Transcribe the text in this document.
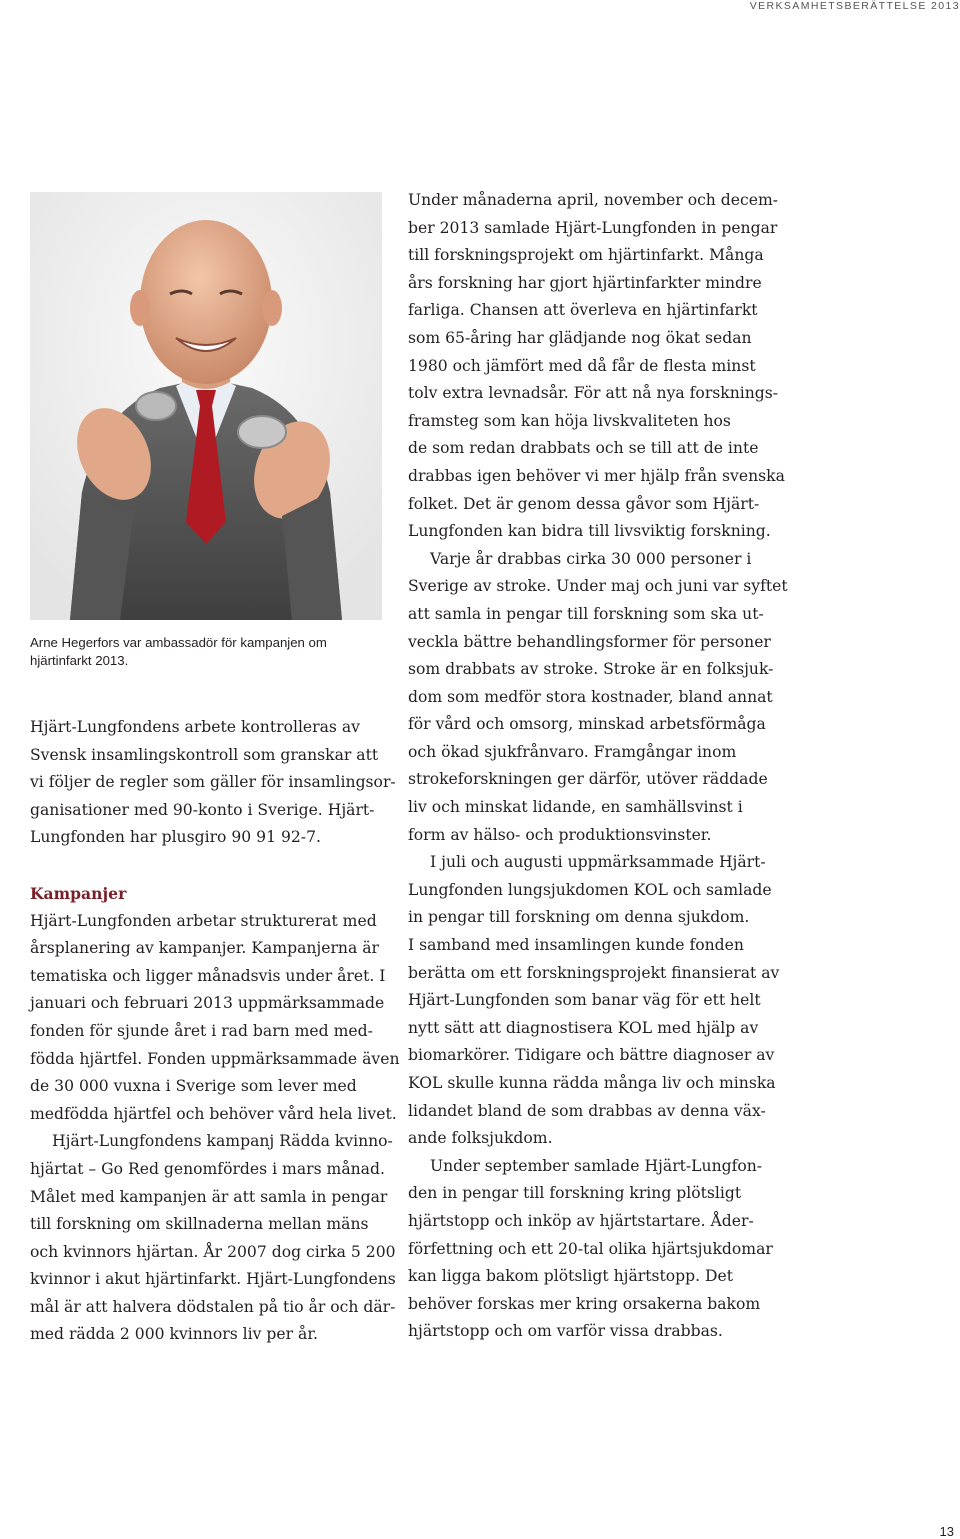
VERKSAMHETSBERÄTTELSE 2013

Arne Hegerfors var ambassadör för kampanjen om hjärtinfarkt 2013.

Hjärt-Lungfondens arbete kontrolleras av
Svensk insamlingskontroll som granskar att
vi följer de regler som gäller för insamlingsor-
ganisationer med 90-konto i Sverige. Hjärt-
Lungfonden har plusgiro 90 91 92-7.
Kampanjer
Hjärt-Lungfonden arbetar strukturerat med
årsplanering av kampanjer. Kampanjerna är
tematiska och ligger månadsvis under året. I
januari och februari 2013 uppmärksammade
fonden för sjunde året i rad barn med med-
födda hjärtfel. Fonden uppmärksammade även
de 30 000 vuxna i Sverige som lever med
medfödda hjärtfel och behöver vård hela livet.
Hjärt-Lungfondens kampanj Rädda kvinno-
hjärtat – Go Red genomfördes i mars månad.
Målet med kampanjen är att samla in pengar
till forskning om skillnaderna mellan mäns
och kvinnors hjärtan. År 2007 dog cirka 5 200
kvinnor i akut hjärtinfarkt. Hjärt-Lungfondens
mål är att halvera dödstalen på tio år och där-
med rädda 2 000 kvinnors liv per år.
Under månaderna april, november och decem-
ber 2013 samlade Hjärt-Lungfonden in pengar
till forskningsprojekt om hjärtinfarkt. Många
års forskning har gjort hjärtinfarkter mindre
farliga. Chansen att överleva en hjärtinfarkt
som 65-åring har glädjande nog ökat sedan
1980 och jämfört med då får de flesta minst
tolv extra levnadsår. För att nå nya forsknings-
framsteg som kan höja livskvaliteten hos
de som redan drabbats och se till att de inte
drabbas igen behöver vi mer hjälp från svenska
folket. Det är genom dessa gåvor som Hjärt-
Lungfonden kan bidra till livsviktig forskning.
Varje år drabbas cirka 30 000 personer i
Sverige av stroke. Under maj och juni var syftet
att samla in pengar till forskning som ska ut-
veckla bättre behandlingsformer för personer
som drabbats av stroke. Stroke är en folksjuk-
dom som medför stora kostnader, bland annat
för vård och omsorg, minskad arbetsförmåga
och ökad sjukfrånvaro. Framgångar inom
strokeforskningen ger därför, utöver räddade
liv och minskat lidande, en samhällsvinst i
form av hälso- och produktionsvinster.
I juli och augusti uppmärksammade Hjärt-
Lungfonden lungsjukdomen KOL och samlade
in pengar till forskning om denna sjukdom.
I samband med insamlingen kunde fonden
berätta om ett forskningsprojekt finansierat av
Hjärt-Lungfonden som banar väg för ett helt
nytt sätt att diagnostisera KOL med hjälp av
biomarkörer. Tidigare och bättre diagnoser av
KOL skulle kunna rädda många liv och minska
lidandet bland de som drabbas av denna väx-
ande folksjukdom.
Under september samlade Hjärt-Lungfon-
den in pengar till forskning kring plötsligt
hjärtstopp och inköp av hjärtstartare. Åder-
förfettning och ett 20-tal olika hjärtsjukdomar
kan ligga bakom plötsligt hjärtstopp. Det
behöver forskas mer kring orsakerna bakom
hjärtstopp och om varför vissa drabbas.
13
